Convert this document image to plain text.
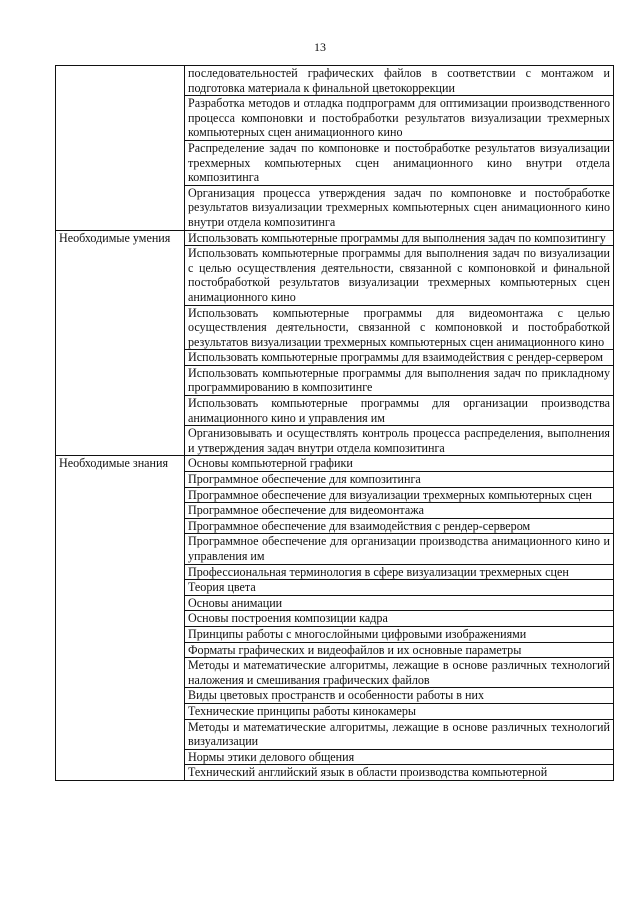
13
	последовательностей графических файлов в соответствии с монтажом и подготовка материала к финальной цветокоррекции
	Разработка методов и отладка подпрограмм для оптимизации производственного процесса компоновки и постобработки результатов визуализации трехмерных компьютерных сцен анимационного кино
	Распределение задач по компоновке и постобработке результатов визуализации трехмерных компьютерных сцен анимационного кино внутри отдела композитинга
	Организация процесса утверждения задач по компоновке и постобработке результатов визуализации трехмерных компьютерных сцен анимационного кино внутри отдела композитинга
Необходимые умения	Использовать компьютерные программы для выполнения задач по композитингу
	Использовать компьютерные программы для выполнения задач по визуализации с целью осуществления деятельности, связанной с компоновкой и финальной постобработкой результатов визуализации трехмерных компьютерных сцен анимационного кино
	Использовать компьютерные программы для видеомонтажа с целью осуществления деятельности, связанной с компоновкой и постобработкой результатов визуализации трехмерных компьютерных сцен анимационного кино
	Использовать компьютерные программы для взаимодействия с рендер-сервером
	Использовать компьютерные программы для выполнения задач по прикладному программированию в композитинге
	Использовать компьютерные программы для организации производства анимационного кино и управления им
	Организовывать и осуществлять контроль процесса распределения, выполнения и утверждения задач внутри отдела композитинга
Необходимые знания	Основы компьютерной графики
	Программное обеспечение для композитинга
	Программное обеспечение для визуализации трехмерных компьютерных сцен
	Программное обеспечение для видеомонтажа
	Программное обеспечение для взаимодействия с рендер-сервером
	Программное обеспечение для организации производства анимационного кино и управления им
	Профессиональная терминология в сфере визуализации трехмерных сцен
	Теория цвета
	Основы анимации
	Основы построения композиции кадра
	Принципы работы с многослойными цифровыми изображениями
	Форматы графических и видеофайлов и их основные параметры
	Методы и математические алгоритмы, лежащие в основе различных технологий наложения и смешивания графических файлов
	Виды цветовых пространств и особенности работы в них
	Технические принципы работы кинокамеры
	Методы и математические алгоритмы, лежащие в основе различных технологий визуализации
	Нормы этики делового общения
	Технический английский язык в области производства компьютерной
